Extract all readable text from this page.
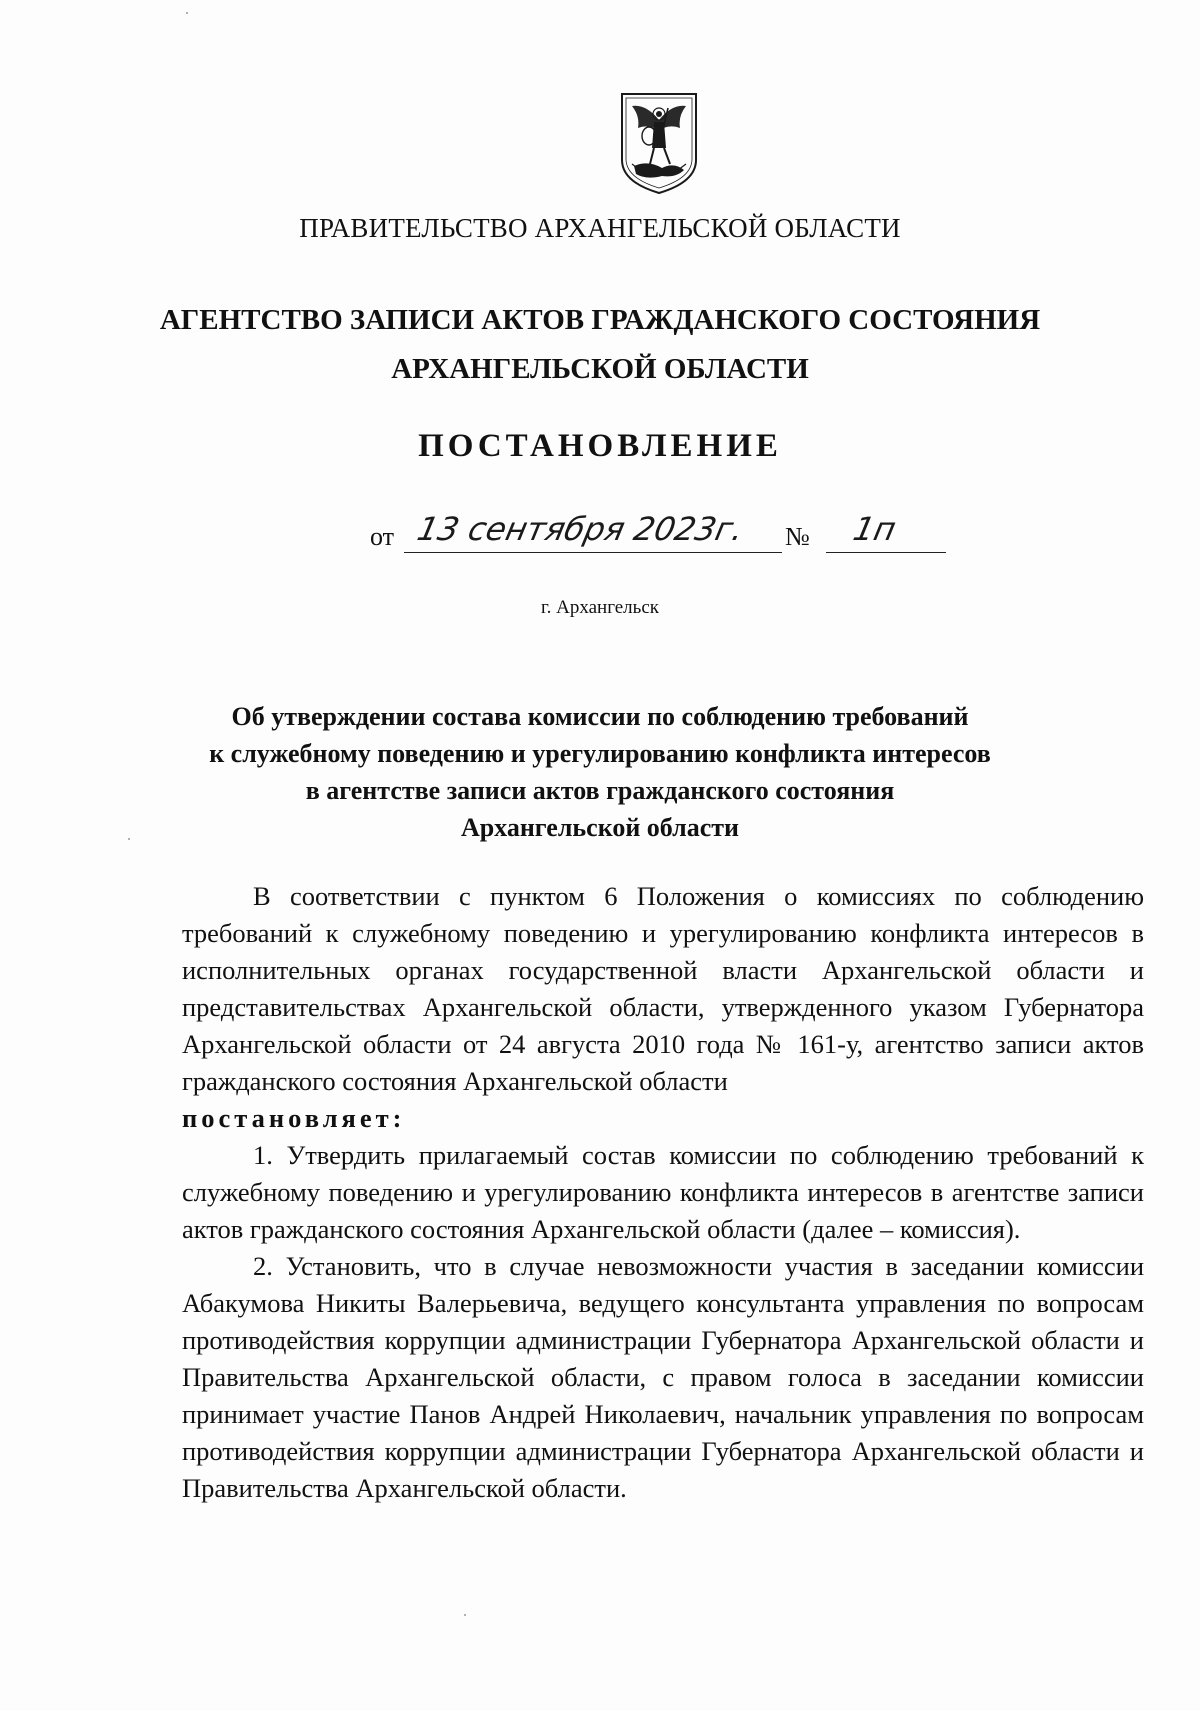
ПРАВИТЕЛЬСТВО АРХАНГЕЛЬСКОЙ ОБЛАСТИ
АГЕНТСТВО ЗАПИСИ АКТОВ ГРАЖДАНСКОГО СОСТОЯНИЯ
АРХАНГЕЛЬСКОЙ ОБЛАСТИ
ПОСТАНОВЛЕНИЕ
от 13 сентября 2023г. № 1п
г. Архангельск
Об утверждении состава комиссии по соблюдению требований
к служебному поведению и урегулированию конфликта интересов
в агентстве записи актов гражданского состояния
Архангельской области

В соответствии с пунктом 6 Положения о комиссиях по соблюдению требований к служебному поведению и урегулированию конфликта интересов в исполнительных органах государственной власти Архангельской области и представительствах Архангельской области, утвержденного указом Губернатора Архангельской области от 24 августа 2010 года № 161-у, агентство записи актов гражданского состояния Архангельской области

постановляет:

1. Утвердить прилагаемый состав комиссии по соблюдению требований к служебному поведению и урегулированию конфликта интересов в агентстве записи актов гражданского состояния Архангельской области (далее – комиссия).

2. Установить, что в случае невозможности участия в заседании комиссии Абакумова Никиты Валерьевича, ведущего консультанта управления по вопросам противодействия коррупции администрации Губернатора Архангельской области и Правительства Архангельской области, с правом голоса в заседании комиссии принимает участие Панов Андрей Николаевич, начальник управления по вопросам противодействия коррупции администрации Губернатора Архангельской области и Правительства Архангельской области.
